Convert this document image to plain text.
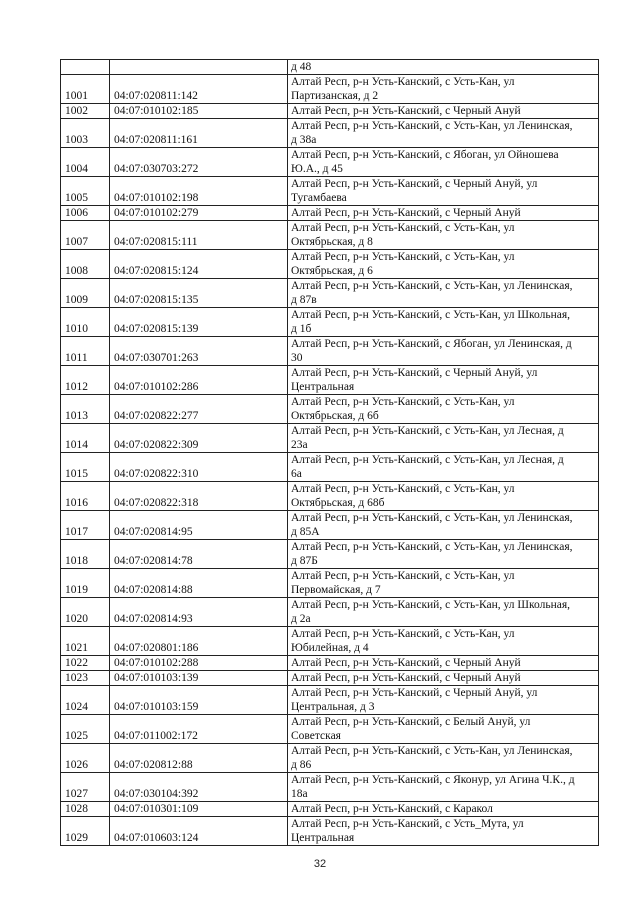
		д 48

1001	04:07:020811:142	Алтай Респ, р-н Усть-Канский, с Усть-Кан, ул
Партизанская, д 2

1002	04:07:010102:185	Алтай Респ, р-н Усть-Канский, с Черный Ануй

1003	04:07:020811:161	Алтай Респ, р-н Усть-Канский, с Усть-Кан, ул Ленинская,
д 38а

1004	04:07:030703:272	Алтай Респ, р-н Усть-Канский, с Ябоган, ул Ойношева
Ю.А., д 45

1005	04:07:010102:198	Алтай Респ, р-н Усть-Канский, с Черный Ануй, ул
Тугамбаева

1006	04:07:010102:279	Алтай Респ, р-н Усть-Канский, с Черный Ануй

1007	04:07:020815:111	Алтай Респ, р-н Усть-Канский, с Усть-Кан, ул
Октябрьская, д 8

1008	04:07:020815:124	Алтай Респ, р-н Усть-Канский, с Усть-Кан, ул
Октябрьская, д 6

1009	04:07:020815:135	Алтай Респ, р-н Усть-Канский, с Усть-Кан, ул Ленинская,
д 87в

1010	04:07:020815:139	Алтай Респ, р-н Усть-Канский, с Усть-Кан, ул Школьная,
д 1б

1011	04:07:030701:263	Алтай Респ, р-н Усть-Канский, с Ябоган, ул Ленинская, д
30

1012	04:07:010102:286	Алтай Респ, р-н Усть-Канский, с Черный Ануй, ул
Центральная

1013	04:07:020822:277	Алтай Респ, р-н Усть-Канский, с Усть-Кан, ул
Октябрьская, д 6б

1014	04:07:020822:309	Алтай Респ, р-н Усть-Канский, с Усть-Кан, ул Лесная, д
23а

1015	04:07:020822:310	Алтай Респ, р-н Усть-Канский, с Усть-Кан, ул Лесная, д
6а

1016	04:07:020822:318	Алтай Респ, р-н Усть-Канский, с Усть-Кан, ул
Октябрьская, д 68б

1017	04:07:020814:95	Алтай Респ, р-н Усть-Канский, с Усть-Кан, ул Ленинская,
д 85А

1018	04:07:020814:78	Алтай Респ, р-н Усть-Канский, с Усть-Кан, ул Ленинская,
д 87Б

1019	04:07:020814:88	Алтай Респ, р-н Усть-Канский, с Усть-Кан, ул
Первомайская, д 7

1020	04:07:020814:93	Алтай Респ, р-н Усть-Канский, с Усть-Кан, ул Школьная,
д 2а

1021	04:07:020801:186	Алтай Респ, р-н Усть-Канский, с Усть-Кан, ул
Юбилейная, д 4

1022	04:07:010102:288	Алтай Респ, р-н Усть-Канский, с Черный Ануй

1023	04:07:010103:139	Алтай Респ, р-н Усть-Канский, с Черный Ануй

1024	04:07:010103:159	Алтай Респ, р-н Усть-Канский, с Черный Ануй, ул
Центральная, д 3

1025	04:07:011002:172	Алтай Респ, р-н Усть-Канский, с Белый Ануй, ул
Советская

1026	04:07:020812:88	Алтай Респ, р-н Усть-Канский, с Усть-Кан, ул Ленинская,
д 86

1027	04:07:030104:392	Алтай Респ, р-н Усть-Канский, с Яконур, ул Агина Ч.К., д
18а

1028	04:07:010301:109	Алтай Респ, р-н Усть-Канский, с Каракол

1029	04:07:010603:124	Алтай Респ, р-н Усть-Канский, с Усть_Мута, ул
Центральная
32
